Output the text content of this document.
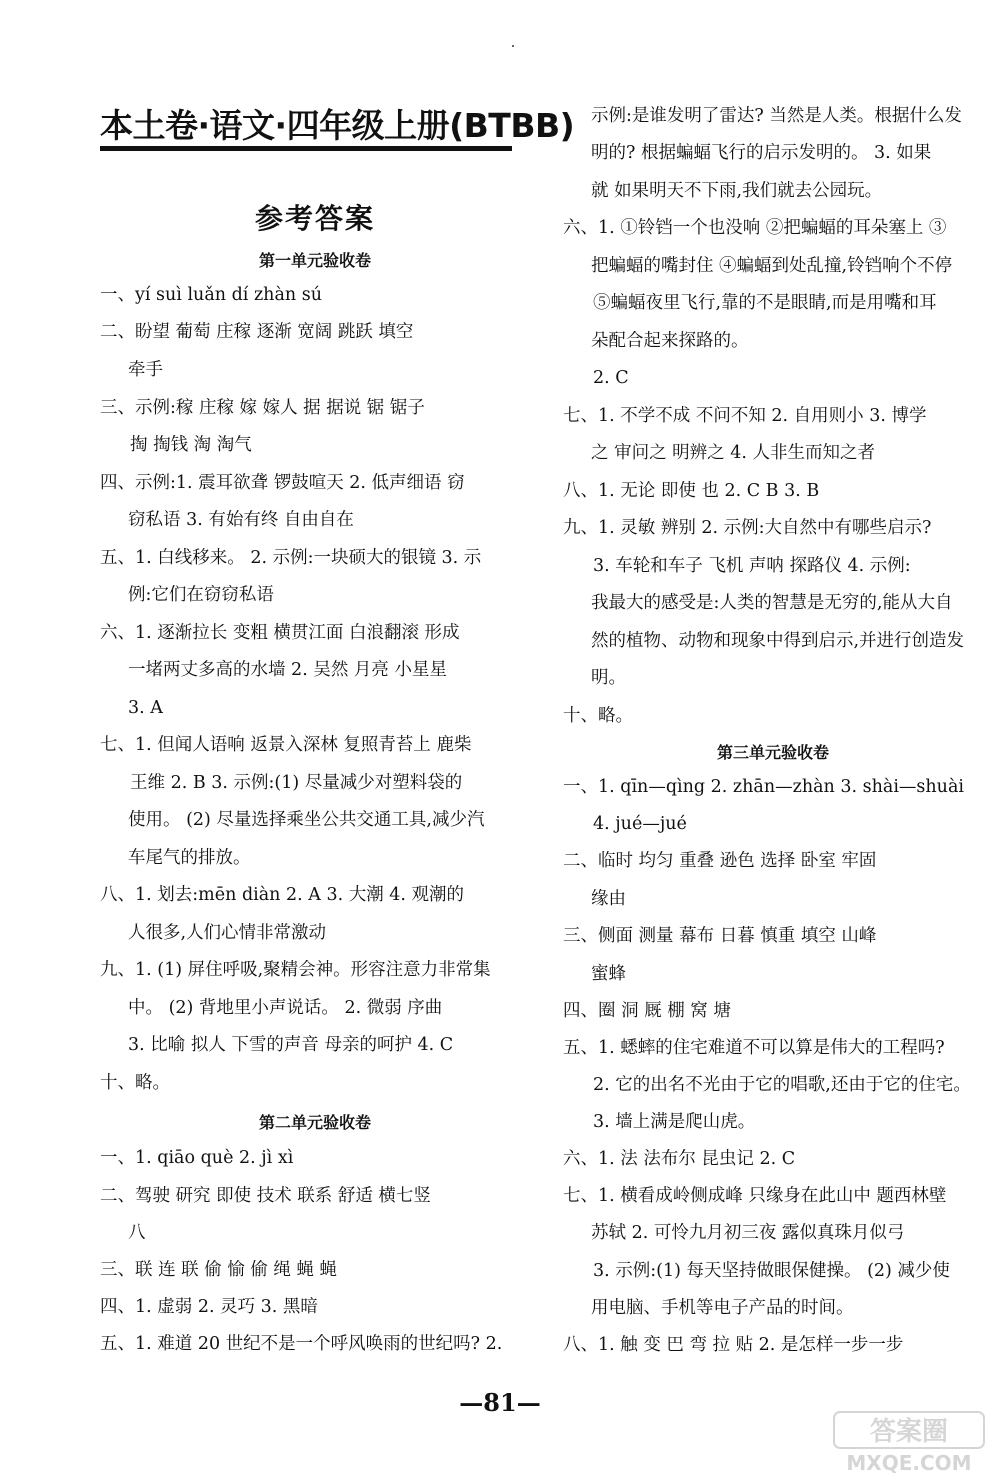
本土卷·语文·四年级上册(BTBB)
参考答案
第一单元验收卷
一、yí suì luǎn dí zhàn sú
二、盼望 葡萄 庄稼 逐渐 宽阔 跳跃 填空
牵手
三、示例:稼 庄稼 嫁 嫁人 据 据说 锯 锯子
掏 掏钱 淘 淘气
四、示例:1. 震耳欲聋 锣鼓喧天 2. 低声细语 窃
窃私语 3. 有始有终 自由自在
五、1. 白线移来。 2. 示例:一块硕大的银镜 3. 示
例:它们在窃窃私语
六、1. 逐渐拉长 变粗 横贯江面 白浪翻滚 形成
一堵两丈多高的水墙 2. 吴然 月亮 小星星
3. A
七、1. 但闻人语响 返景入深林 复照青苔上 鹿柴
王维 2. B 3. 示例:(1) 尽量减少对塑料袋的
使用。 (2) 尽量选择乘坐公共交通工具,减少汽
车尾气的排放。
八、1. 划去:mēn diàn 2. A 3. 大潮 4. 观潮的
人很多,人们心情非常激动
九、1. (1) 屏住呼吸,聚精会神。形容注意力非常集
中。 (2) 背地里小声说话。 2. 微弱 序曲
3. 比喻 拟人 下雪的声音 母亲的呵护 4. C
十、略。
第二单元验收卷
一、1. qiāo què 2. jì xì
二、驾驶 研究 即使 技术 联系 舒适 横七竖
八
三、联 连 联 偷 愉 偷 绳 蝇 蝇
四、1. 虚弱 2. 灵巧 3. 黑暗
五、1. 难道 20 世纪不是一个呼风唤雨的世纪吗? 2.
示例:是谁发明了雷达? 当然是人类。根据什么发
明的? 根据蝙蝠飞行的启示发明的。 3. 如果
就 如果明天不下雨,我们就去公园玩。
六、1. ①铃铛一个也没响 ②把蝙蝠的耳朵塞上 ③
把蝙蝠的嘴封住 ④蝙蝠到处乱撞,铃铛响个不停
⑤蝙蝠夜里飞行,靠的不是眼睛,而是用嘴和耳
朵配合起来探路的。
2. C
七、1. 不学不成 不问不知 2. 自用则小 3. 博学
之 审问之 明辨之 4. 人非生而知之者
八、1. 无论 即使 也 2. C B 3. B
九、1. 灵敏 辨别 2. 示例:大自然中有哪些启示?
3. 车轮和车子 飞机 声呐 探路仪 4. 示例:
我最大的感受是:人类的智慧是无穷的,能从大自
然的植物、动物和现象中得到启示,并进行创造发
明。
十、略。
第三单元验收卷
一、1. qīn—qìng 2. zhān—zhàn 3. shài—shuài
4. jué—jué
二、临时 均匀 重叠 逊色 选择 卧室 牢固
缘由
三、侧面 测量 幕布 日暮 慎重 填空 山峰
蜜蜂
四、圈 洞 厩 棚 窝 塘
五、1. 蟋蟀的住宅难道不可以算是伟大的工程吗?
2. 它的出名不光由于它的唱歌,还由于它的住宅。
3. 墙上满是爬山虎。
六、1. 法 法布尔 昆虫记 2. C
七、1. 横看成岭侧成峰 只缘身在此山中 题西林壁
苏轼 2. 可怜九月初三夜 露似真珠月似弓
3. 示例:(1) 每天坚持做眼保健操。 (2) 减少使
用电脑、手机等电子产品的时间。
八、1. 触 变 巴 弯 拉 贴 2. 是怎样一步一步
—81—
答案圈
MXQE.COM
